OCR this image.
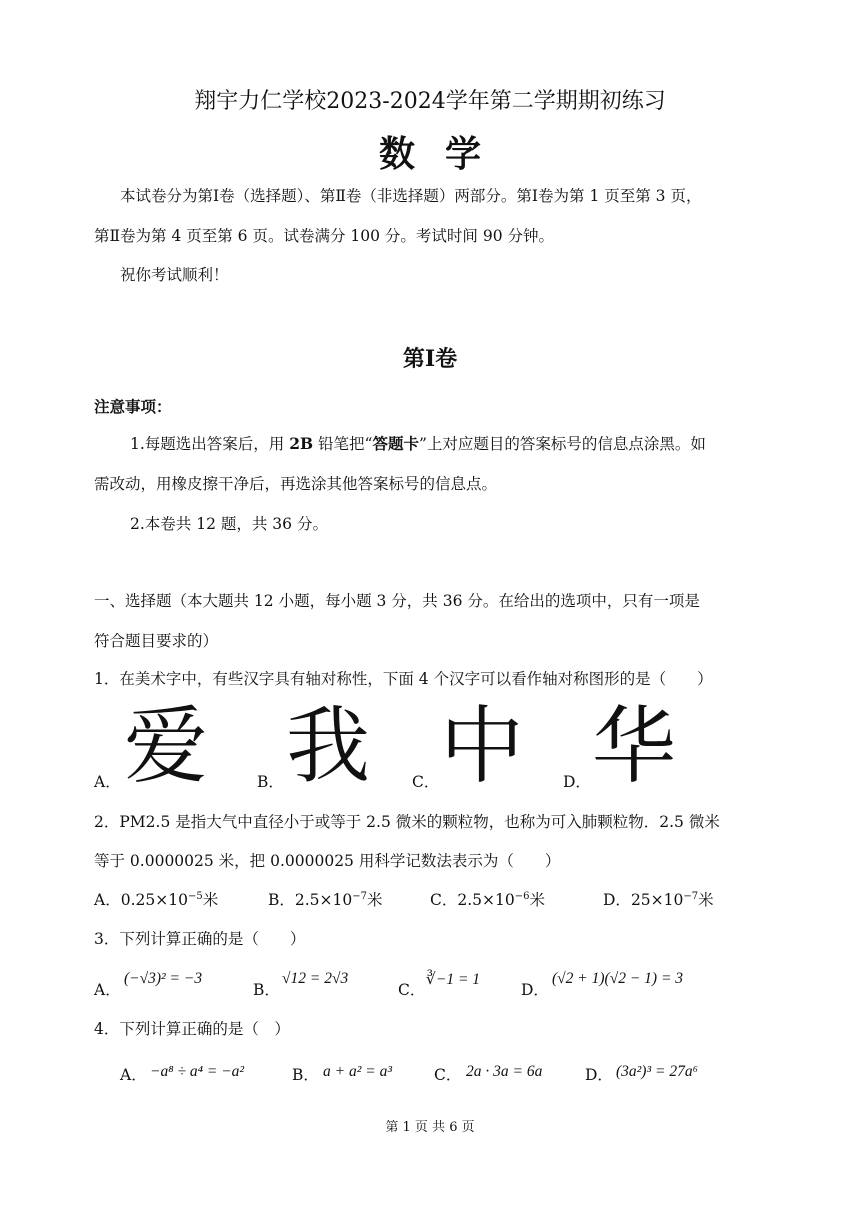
翔宇力仁学校2023-2024学年第二学期期初练习
数学
本试卷分为第Ⅰ卷（选择题）、第Ⅱ卷（非选择题）两部分。第Ⅰ卷为第 1 页至第 3 页，
第Ⅱ卷为第 4 页至第 6 页。试卷满分 100 分。考试时间 90 分钟。
祝你考试顺利！
第Ⅰ卷
注意事项：
1.每题选出答案后，用 2B 铅笔把“答题卡”上对应题目的答案标号的信息点涂黑。如
需改动，用橡皮擦干净后，再选涂其他答案标号的信息点。
2.本卷共 12 题，共 36 分。
一、选择题（本大题共 12 小题，每小题 3 分，共 36 分。在给出的选项中，只有一项是
符合题目要求的）
1．在美术字中，有些汉字具有轴对称性，下面 4 个汉字可以看作轴对称图形的是（　　）
A． 爱	B． 我	C． 中	D． 华
2．PM2.5 是指大气中直径小于或等于 2.5 微米的颗粒物，也称为可入肺颗粒物．2.5 微米
等于 0.0000025 米，把 0.0000025 用科学记数法表示为（　　）
A．$0.25\times 10^{-5}$米	B．$2.5\times 10^{-7}$米	C．$2.5\times 10^{-6}$米	D．$25\times 10^{-7}$米
3．下列计算正确的是（　　）
A．
(−√3)² = −3
B．
√12 = 2√3
C．
∛−1 = 1
D．
(√2 + 1)(√2 − 1) = 3
4．下列计算正确的是（　）
A． −a⁸ ÷ a⁴ = −a²	B． a + a² = a³	C． 2a · 3a = 6a	D． (3a²)³ = 27a⁶
第 1 页 共 6 页
